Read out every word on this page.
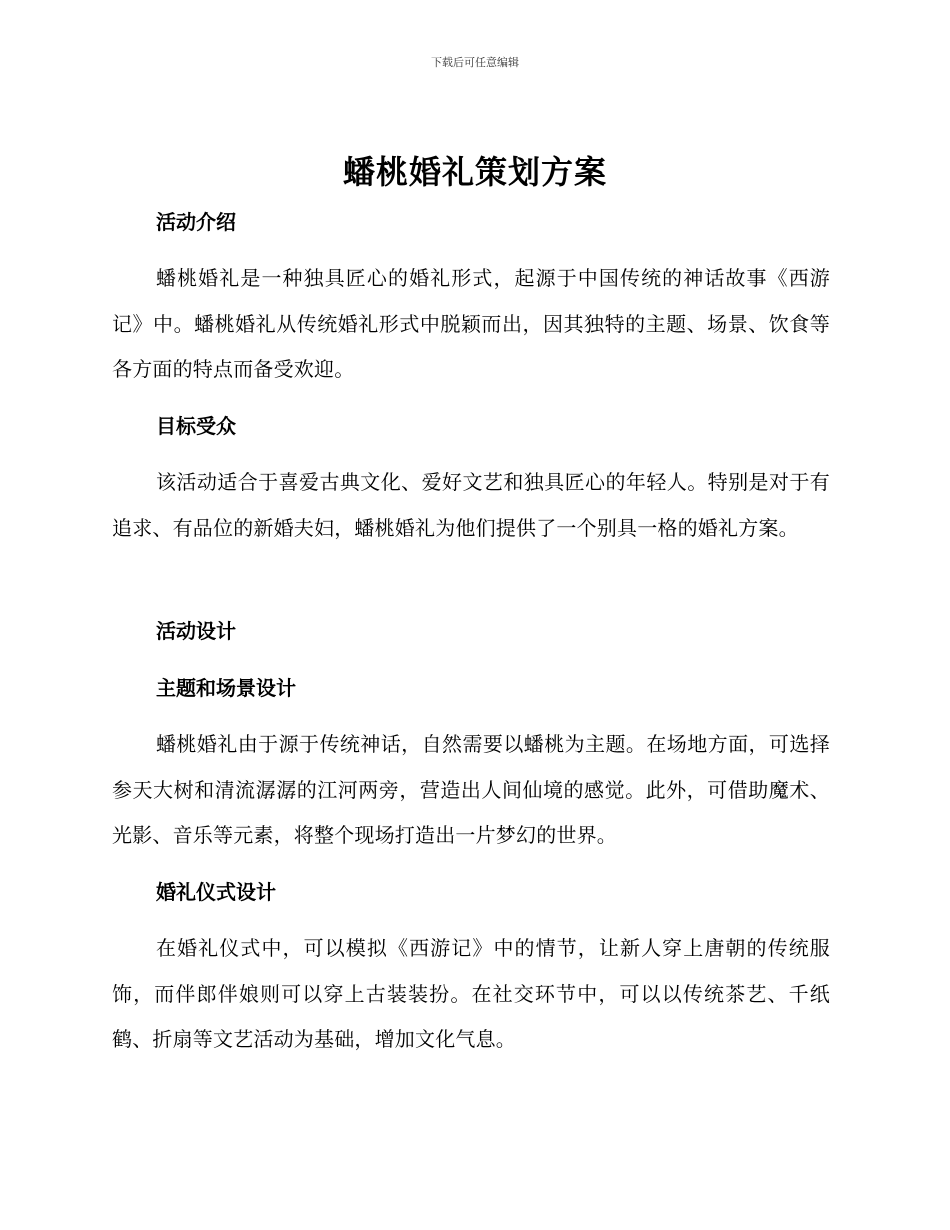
下载后可任意编辑
蟠桃婚礼策划方案
活动介绍

蟠桃婚礼是一种独具匠心的婚礼形式，起源于中国传统的神话故事《西游记》中。蟠桃婚礼从传统婚礼形式中脱颖而出，因其独特的主题、场景、饮食等各方面的特点而备受欢迎。

目标受众

该活动适合于喜爱古典文化、爱好文艺和独具匠心的年轻人。特别是对于有追求、有品位的新婚夫妇，蟠桃婚礼为他们提供了一个别具一格的婚礼方案。

活动设计
主题和场景设计

蟠桃婚礼由于源于传统神话，自然需要以蟠桃为主题。在场地方面，可选择参天大树和清流潺潺的江河两旁，营造出人间仙境的感觉。此外，可借助魔术、光影、音乐等元素，将整个现场打造出一片梦幻的世界。

婚礼仪式设计

在婚礼仪式中，可以模拟《西游记》中的情节，让新人穿上唐朝的传统服饰，而伴郎伴娘则可以穿上古装装扮。在社交环节中，可以以传统茶艺、千纸鹤、折扇等文艺活动为基础，增加文化气息。
